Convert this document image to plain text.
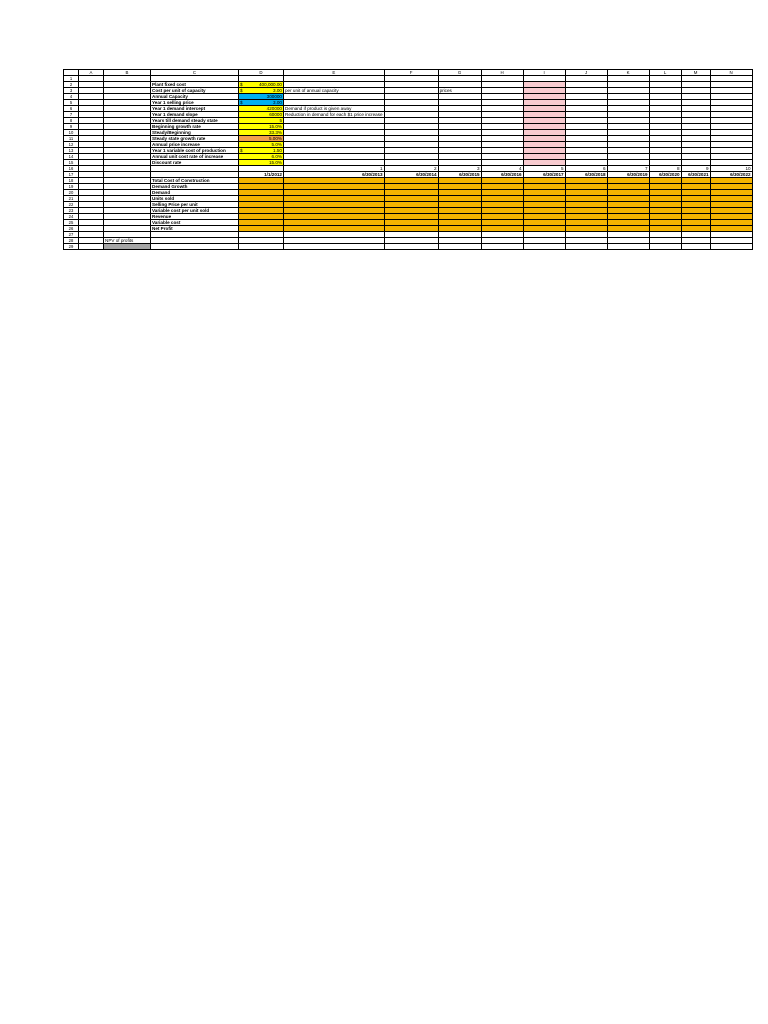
	A	B	C	D	E	F	G	H	I	J	K	L	M	N
1														
2			Plant fixed cost	$ 400,000.00										
3			Cost per unit of capacity	$ 3.00	per unit of annual capacity		prices							
4			Annual Capacity	300000										
5			Year 1 selling price	$ 3.00										
6			Year 1 demand intercept	420000	Demand if product is given away									
7			Year 1 demand slope	60000	Reduction in demand for each $1 price increase									
8			Years till demand steady state	5										
9			Beginning growth rate	15.0%										
10			Steady/Beginning	33.3%										
11			Steady state growth rate	5.00%										
12			Annual price increase	5.0%										
13			Year 1 variable cost of production	$ 1.50										
14			Annual unit cost rate of increase	6.0%										
15			Discount rate	15.0%										
16					1	2	3	4	5	6	7	8	9	10
17				1/1/2012	6/30/2013	6/30/2014	6/30/2015	6/30/2016	6/30/2017	6/30/2018	6/30/2019	6/30/2020	6/30/2021	6/30/2022
18			Total Cost of Construction											
19			Demand Growth											
20			Demand											
21			Units sold											
22			Selling Price per unit											
23			Variable cost per unit sold											
24			Revenue											
25			Variable cost											
26			Net Profit											
27														
28		NPV of profits												
29														
